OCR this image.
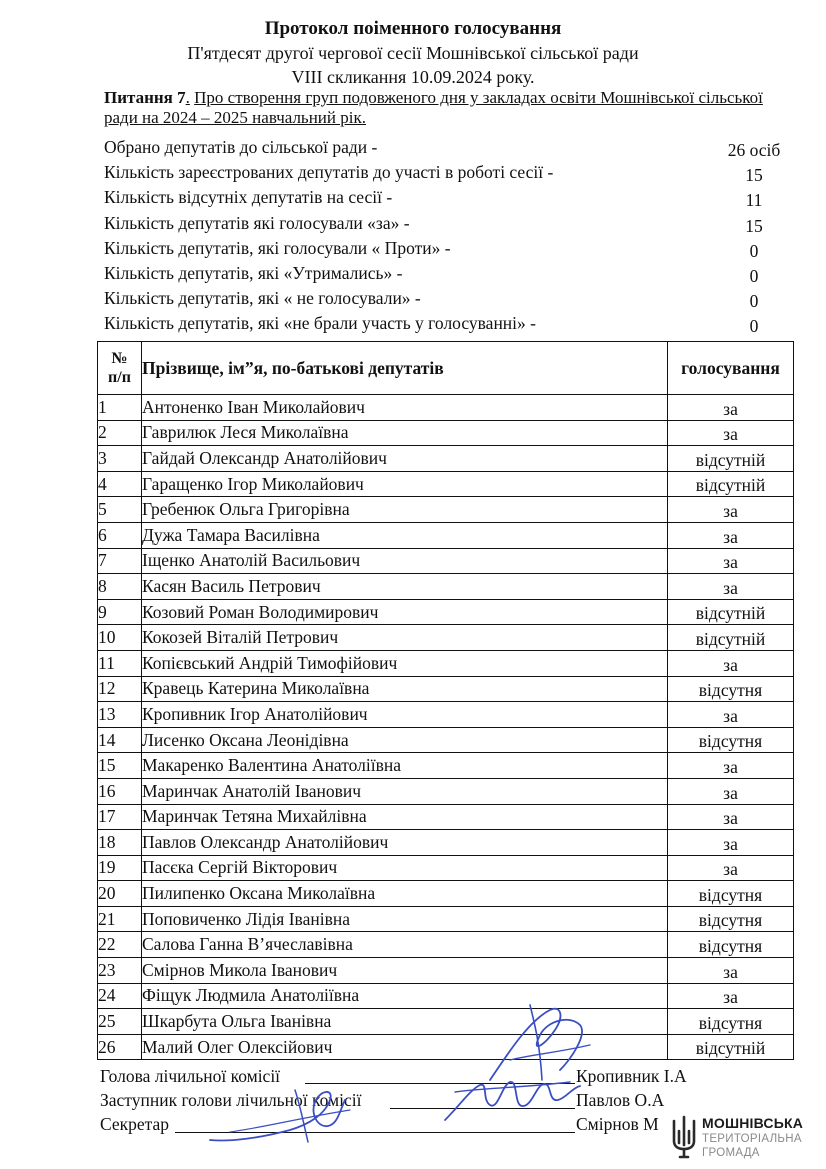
Протокол поіменного голосування
П'ятдесят другої чергової сесії Мошнівської сільської ради
VIII скликання 10.09.2024 року.
Питання 7. Про створення груп подовженого дня у закладах освіти Мошнівської сільської ради на 2024 – 2025 навчальний рік.
Обрано депутатів до сільської ради -	26 осіб
Кількість зареєстрованих депутатів до участі в роботі сесії -	15
Кількість відсутніх депутатів на сесії -	11
Кількість депутатів які голосували «за» -	15
Кількість депутатів, які голосували « Проти» -	0
Кількість депутатів, які «Утримались» -	0
Кількість депутатів, які « не голосували» -	0
Кількість депутатів, які «не брали участь у голосуванні» -	0
№
п/п	Прізвище, ім”я, по-батькові депутатів	голосування
1	Антоненко Іван Миколайович	за
2	Гаврилюк Леся Миколаївна	за
3	Гайдай Олександр Анатолійович	відсутній
4	Гаращенко Ігор Миколайович	відсутній
5	Гребенюк Ольга Григорівна	за
6	Дужа Тамара Василівна	за
7	Іщенко Анатолій Васильович	за
8	Касян Василь Петрович	за
9	Козовий Роман Володимирович	відсутній
10	Кокозей Віталій Петрович	відсутній
11	Копієвський Андрій Тимофійович	за
12	Кравець Катерина Миколаївна	відсутня
13	Кропивник Ігор Анатолійович	за
14	Лисенко Оксана Леонідівна	відсутня
15	Макаренко Валентина Анатоліївна	за
16	Маринчак Анатолій Іванович	за
17	Маринчак Тетяна Михайлівна	за
18	Павлов Олександр Анатолійович	за
19	Пасєка Сергій Вікторович	за
20	Пилипенко Оксана Миколаївна	відсутня
21	Поповиченко Лідія Іванівна	відсутня
22	Салова Ганна В’ячеславівна	відсутня
23	Смірнов Микола Іванович	за
24	Фіщук Людмила Анатоліївна	за
25	Шкарбута Ольга Іванівна	відсутня
26	Малий Олег Олексійович	відсутній
Голова лічильної комісії	Кропивник І.А
Заступник голови лічильної комісії	Павлов О.А
Секретар	Смірнов М	МОШНІВСЬКА
ТЕРИТОРІАЛЬНА
ГРОМАДА
